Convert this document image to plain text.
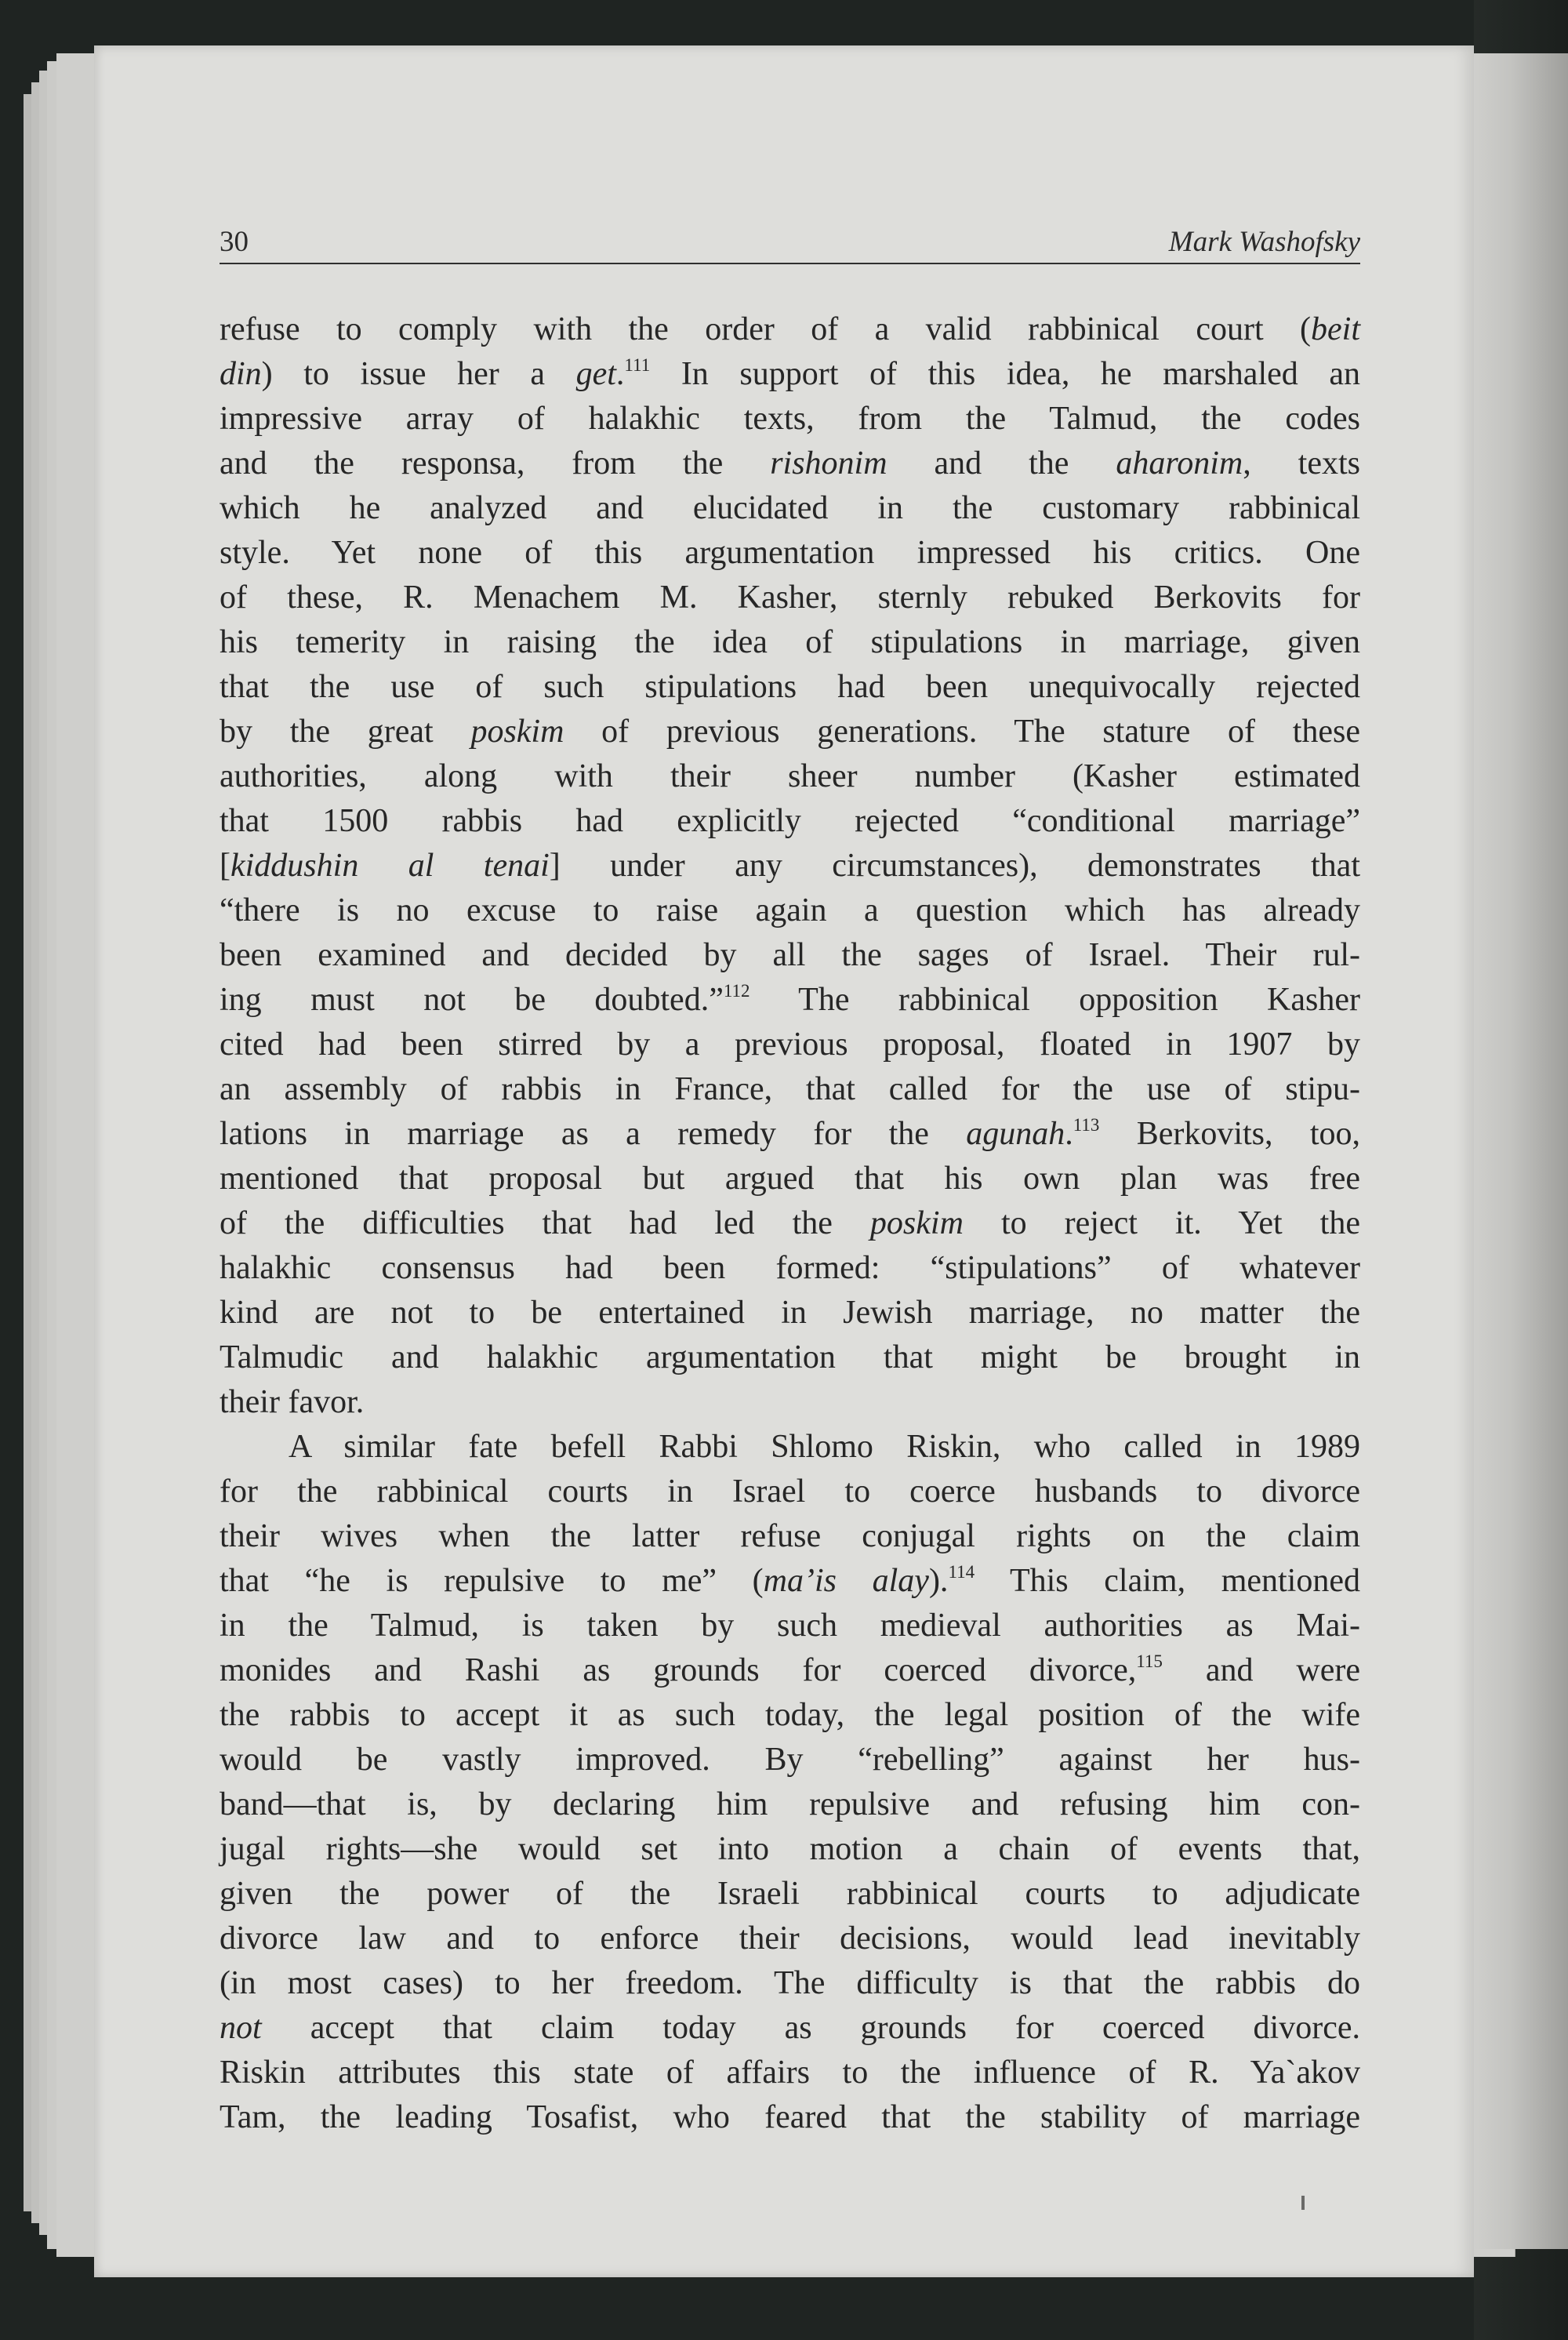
30	Mark Washofsky
refuse to comply with the order of a valid rabbinical court (beit
din) to issue her a get.$^{111}$ In support of this idea, he marshaled an
impressive array of halakhic texts, from the Talmud, the codes
and the responsa, from the rishonim and the aharonim, texts
which he analyzed and elucidated in the customary rabbinical
style. Yet none of this argumentation impressed his critics. One
of these, R. Menachem M. Kasher, sternly rebuked Berkovits for
his temerity in raising the idea of stipulations in marriage, given
that the use of such stipulations had been unequivocally rejected
by the great poskim of previous generations. The stature of these
authorities, along with their sheer number (Kasher estimated
that 1500 rabbis had explicitly rejected “conditional marriage”
[kiddushin al tenai] under any circumstances), demonstrates that
“there is no excuse to raise again a question which has already
been examined and decided by all the sages of Israel. Their rul-
ing must not be doubted.”$^{112}$ The rabbinical opposition Kasher
cited had been stirred by a previous proposal, floated in 1907 by
an assembly of rabbis in France, that called for the use of stipu-
lations in marriage as a remedy for the agunah.$^{113}$ Berkovits, too,
mentioned that proposal but argued that his own plan was free
of the difficulties that had led the poskim to reject it. Yet the
halakhic consensus had been formed: “stipulations” of whatever
kind are not to be entertained in Jewish marriage, no matter the
Talmudic and halakhic argumentation that might be brought in
their favor.
A similar fate befell Rabbi Shlomo Riskin, who called in 1989
for the rabbinical courts in Israel to coerce husbands to divorce
their wives when the latter refuse conjugal rights on the claim
that “he is repulsive to me” (ma’is alay).$^{114}$ This claim, mentioned
in the Talmud, is taken by such medieval authorities as Mai-
monides and Rashi as grounds for coerced divorce,$^{115}$ and were
the rabbis to accept it as such today, the legal position of the wife
would be vastly improved. By “rebelling” against her hus-
band—that is, by declaring him repulsive and refusing him con-
jugal rights—she would set into motion a chain of events that,
given the power of the Israeli rabbinical courts to adjudicate
divorce law and to enforce their decisions, would lead inevitably
(in most cases) to her freedom. The difficulty is that the rabbis do
not accept that claim today as grounds for coerced divorce.
Riskin attributes this state of affairs to the influence of R. Ya`akov
Tam, the leading Tosafist, who feared that the stability of marriage
